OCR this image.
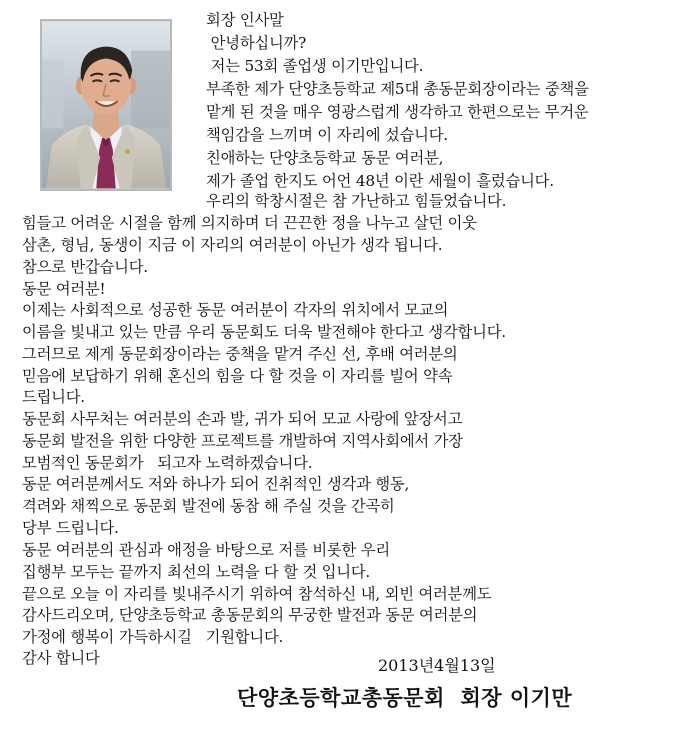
회장 인사말
안녕하십니까?
저는 53회 졸업생 이기만입니다.
부족한 제가 단양초등학교 제5대 총동문회장이라는 중책을
맡게 된 것을 매우 영광스럽게 생각하고 한편으로는 무거운
책임감을 느끼며 이 자리에 섰습니다.
친애하는 단양초등학교 동문 여러분,
제가 졸업 한지도 어언 48년 이란 세월이 흘렀습니다.
우리의 학창시절은 참 가난하고 힘들었습니다.
힘들고 어려운 시절을 함께 의지하며 더 끈끈한 정을 나누고 살던 이웃
삼촌, 형님, 동생이 지금 이 자리의 여러분이 아닌가 생각 됩니다.
참으로 반갑습니다.
동문 여러분!
이제는 사회적으로 성공한 동문 여러분이 각자의 위치에서 모교의
이름을 빛내고 있는 만큼 우리 동문회도 더욱 발전해야 한다고 생각합니다.
그러므로 제게 동문회장이라는 중책을 맡겨 주신 선, 후배 여러분의
믿음에 보답하기 위해 혼신의 힘을 다 할 것을 이 자리를 빌어 약속
드립니다.
동문회 사무처는 여러분의 손과 발, 귀가 되어 모교 사랑에 앞장서고
동문회 발전을 위한 다양한 프로젝트를 개발하여 지역사회에서 가장
모범적인 동문회가   되고자 노력하겠습니다.
동문 여러분께서도 저와 하나가 되어 진취적인 생각과 행동,
격려와 채찍으로 동문회 발전에 동참 해 주실 것을 간곡히
당부 드립니다.
동문 여러분의 관심과 애정을 바탕으로 저를 비롯한 우리
집행부 모두는 끝까지 최선의 노력을 다 할 것 입니다.
끝으로 오늘 이 자리를 빛내주시기 위하여 참석하신 내, 외빈 여러분께도
감사드리오며, 단양초등학교 총동문회의 무궁한 발전과 동문 여러분의
가정에 행복이 가득하시길   기원합니다.
감사 합니다	2013년4월13일
단양초등학교총동문회  회장 이기만
